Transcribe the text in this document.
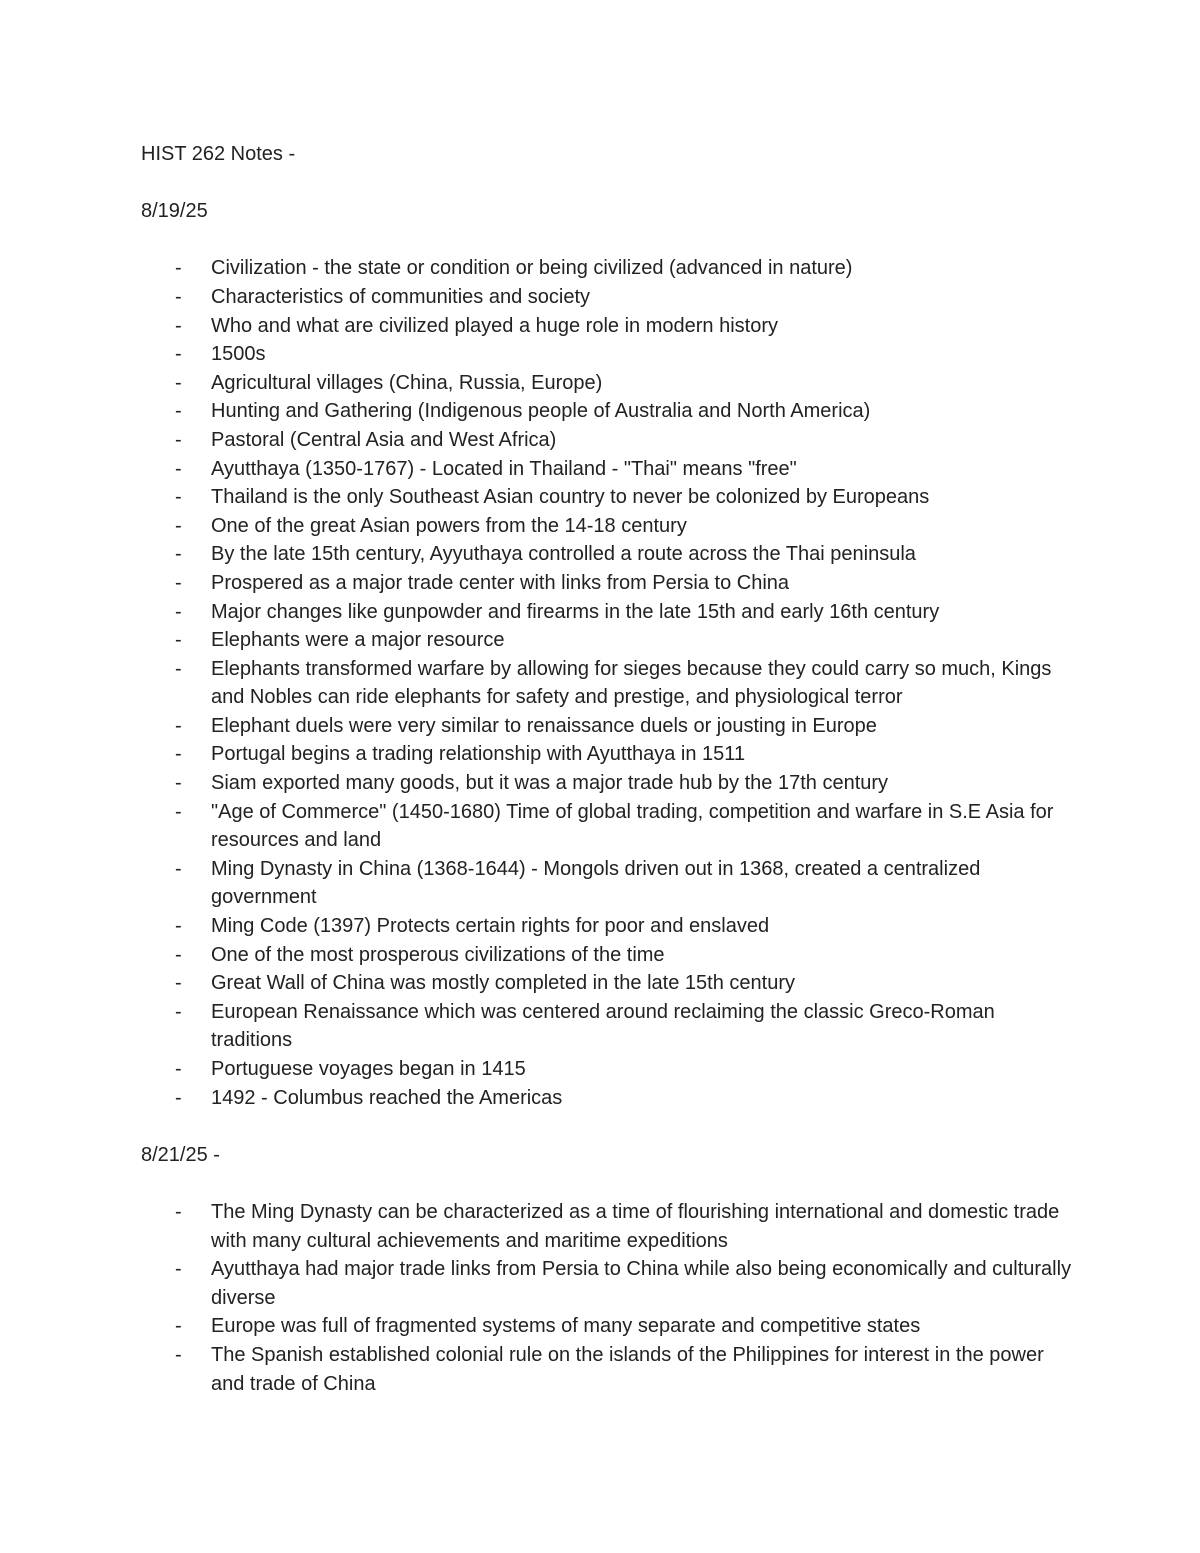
HIST 262 Notes -

8/19/25

- Civilization - the state or condition or being civilized (advanced in nature)
- Characteristics of communities and society
- Who and what are civilized played a huge role in modern history
- 1500s
- Agricultural villages (China, Russia, Europe)
- Hunting and Gathering (Indigenous people of Australia and North America)
- Pastoral (Central Asia and West Africa)
- Ayutthaya (1350-1767) - Located in Thailand - "Thai" means "free"
- Thailand is the only Southeast Asian country to never be colonized by Europeans
- One of the great Asian powers from the 14-18 century
- By the late 15th century, Ayyuthaya controlled a route across the Thai peninsula
- Prospered as a major trade center with links from Persia to China
- Major changes like gunpowder and firearms in the late 15th and early 16th century
- Elephants were a major resource
- Elephants transformed warfare by allowing for sieges because they could carry so much, Kings and Nobles can ride elephants for safety and prestige, and physiological terror
- Elephant duels were very similar to renaissance duels or jousting in Europe
- Portugal begins a trading relationship with Ayutthaya in 1511
- Siam exported many goods, but it was a major trade hub by the 17th century
- "Age of Commerce" (1450-1680) Time of global trading, competition and warfare in S.E Asia for resources and land
- Ming Dynasty in China (1368-1644) - Mongols driven out in 1368, created a centralized government
- Ming Code (1397) Protects certain rights for poor and enslaved
- One of the most prosperous civilizations of the time
- Great Wall of China was mostly completed in the late 15th century
- European Renaissance which was centered around reclaiming the classic Greco-Roman traditions
- Portuguese voyages began in 1415
- 1492 - Columbus reached the Americas

8/21/25 -

- The Ming Dynasty can be characterized as a time of flourishing international and domestic trade with many cultural achievements and maritime expeditions
- Ayutthaya had major trade links from Persia to China while also being economically and culturally diverse
- Europe was full of fragmented systems of many separate and competitive states
- The Spanish established colonial rule on the islands of the Philippines for interest in the power and trade of China
